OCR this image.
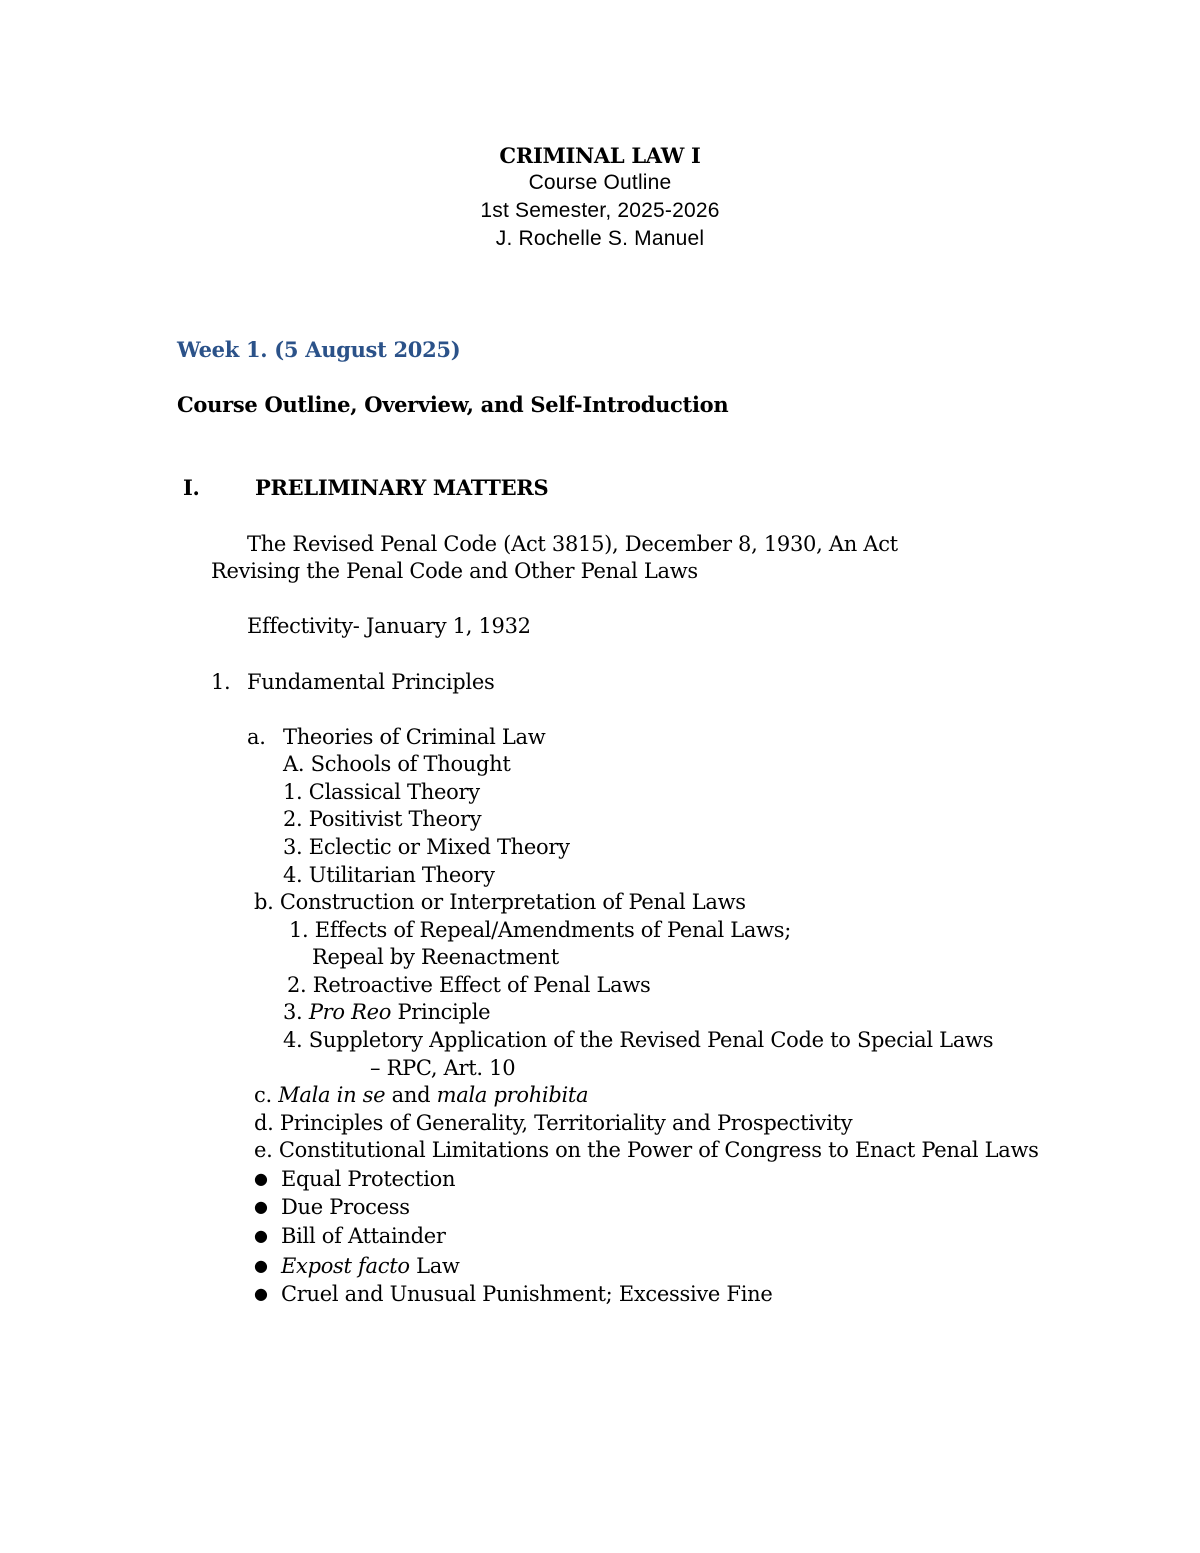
CRIMINAL LAW I
Course Outline
1st Semester, 2025-2026
J. Rochelle S. Manuel
Week 1. (5 August 2025)
Course Outline, Overview, and Self-Introduction
I.	PRELIMINARY MATTERS
The Revised Penal Code (Act 3815), December 8, 1930, An Act
Revising the Penal Code and Other Penal Laws
Effectivity- January 1, 1932
1. Fundamental Principles
a. Theories of Criminal Law
A. Schools of Thought
1. Classical Theory
2. Positivist Theory
3. Eclectic or Mixed Theory
4. Utilitarian Theory
b. Construction or Interpretation of Penal Laws
1. Effects of Repeal/Amendments of Penal Laws;
Repeal by Reenactment
2. Retroactive Effect of Penal Laws
3. Pro Reo Principle
4. Suppletory Application of the Revised Penal Code to Special Laws
– RPC, Art. 10
c. Mala in se and mala prohibita
d. Principles of Generality, Territoriality and Prospectivity
e. Constitutional Limitations on the Power of Congress to Enact Penal Laws
● Equal Protection
● Due Process
● Bill of Attainder
● Expost facto Law
● Cruel and Unusual Punishment; Excessive Fine
